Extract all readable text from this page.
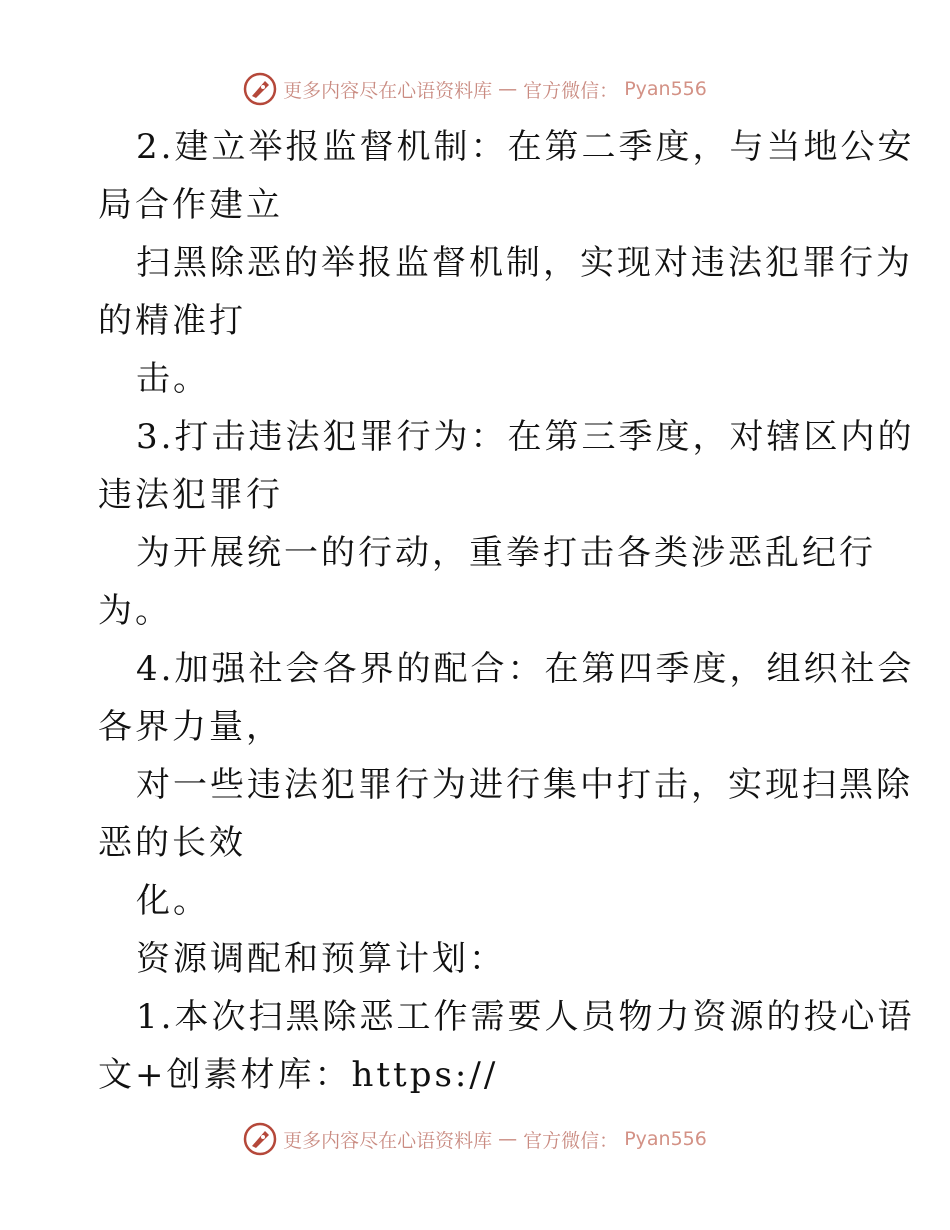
更多内容尽在心语资料库 — 官方微信： Pyan556

2.建立举报监督机制：在第二季度，与当地公安

局合作建立

扫黑除恶的举报监督机制，实现对违法犯罪行为

的精准打

击。

3.打击违法犯罪行为：在第三季度，对辖区内的

违法犯罪行

为开展统一的行动，重拳打击各类涉恶乱纪行

为。

4.加强社会各界的配合：在第四季度，组织社会

各界力量，

对一些违法犯罪行为进行集中打击，实现扫黑除

恶的长效

化。

资源调配和预算计划：

1.本次扫黑除恶工作需要人员物力资源的投心语

文+创素材库：https://

更多内容尽在心语资料库 — 官方微信： Pyan556
